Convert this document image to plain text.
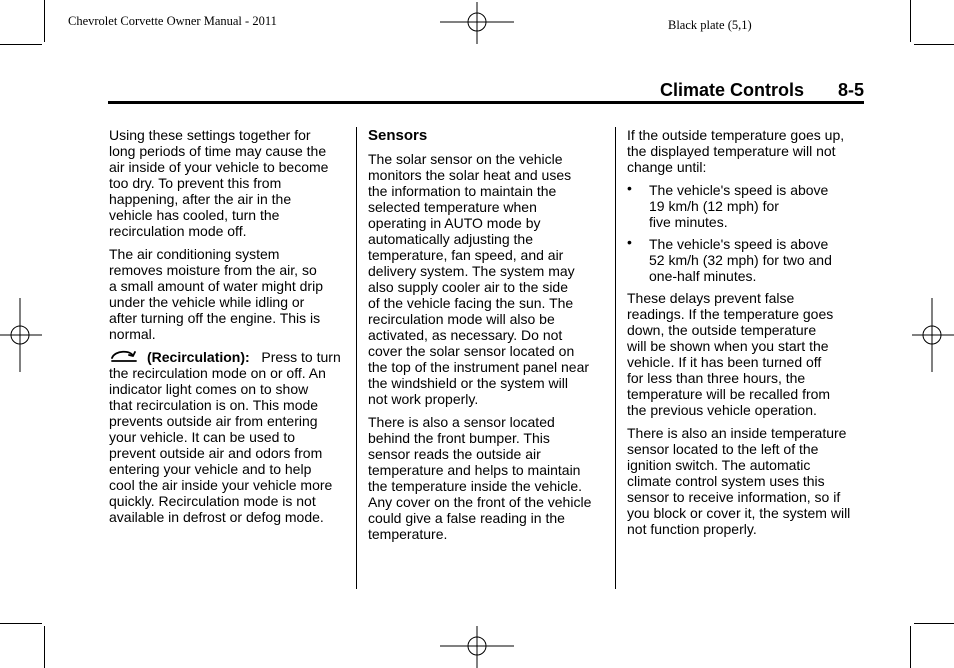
Chevrolet Corvette Owner Manual - 2011	Black plate (5,1)
Climate Controls 8-5
Using these settings together for
long periods of time may cause the
air inside of your vehicle to become
too dry. To prevent this from
happening, after the air in the
vehicle has cooled, turn the
recirculation mode off.
The air conditioning system
removes moisture from the air, so
a small amount of water might drip
under the vehicle while idling or
after turning off the engine. This is
normal.
(Recirculation): Press to turn
the recirculation mode on or off. An
indicator light comes on to show
that recirculation is on. This mode
prevents outside air from entering
your vehicle. It can be used to
prevent outside air and odors from
entering your vehicle and to help
cool the air inside your vehicle more
quickly. Recirculation mode is not
available in defrost or defog mode.
Sensors
The solar sensor on the vehicle
monitors the solar heat and uses
the information to maintain the
selected temperature when
operating in AUTO mode by
automatically adjusting the
temperature, fan speed, and air
delivery system. The system may
also supply cooler air to the side
of the vehicle facing the sun. The
recirculation mode will also be
activated, as necessary. Do not
cover the solar sensor located on
the top of the instrument panel near
the windshield or the system will
not work properly.
There is also a sensor located
behind the front bumper. This
sensor reads the outside air
temperature and helps to maintain
the temperature inside the vehicle.
Any cover on the front of the vehicle
could give a false reading in the
temperature.
If the outside temperature goes up,
the displayed temperature will not
change until:
• The vehicle's speed is above
19 km/h (12 mph) for
five minutes.
• The vehicle's speed is above
52 km/h (32 mph) for two and
one-half minutes.
These delays prevent false
readings. If the temperature goes
down, the outside temperature
will be shown when you start the
vehicle. If it has been turned off
for less than three hours, the
temperature will be recalled from
the previous vehicle operation.
There is also an inside temperature
sensor located to the left of the
ignition switch. The automatic
climate control system uses this
sensor to receive information, so if
you block or cover it, the system will
not function properly.
